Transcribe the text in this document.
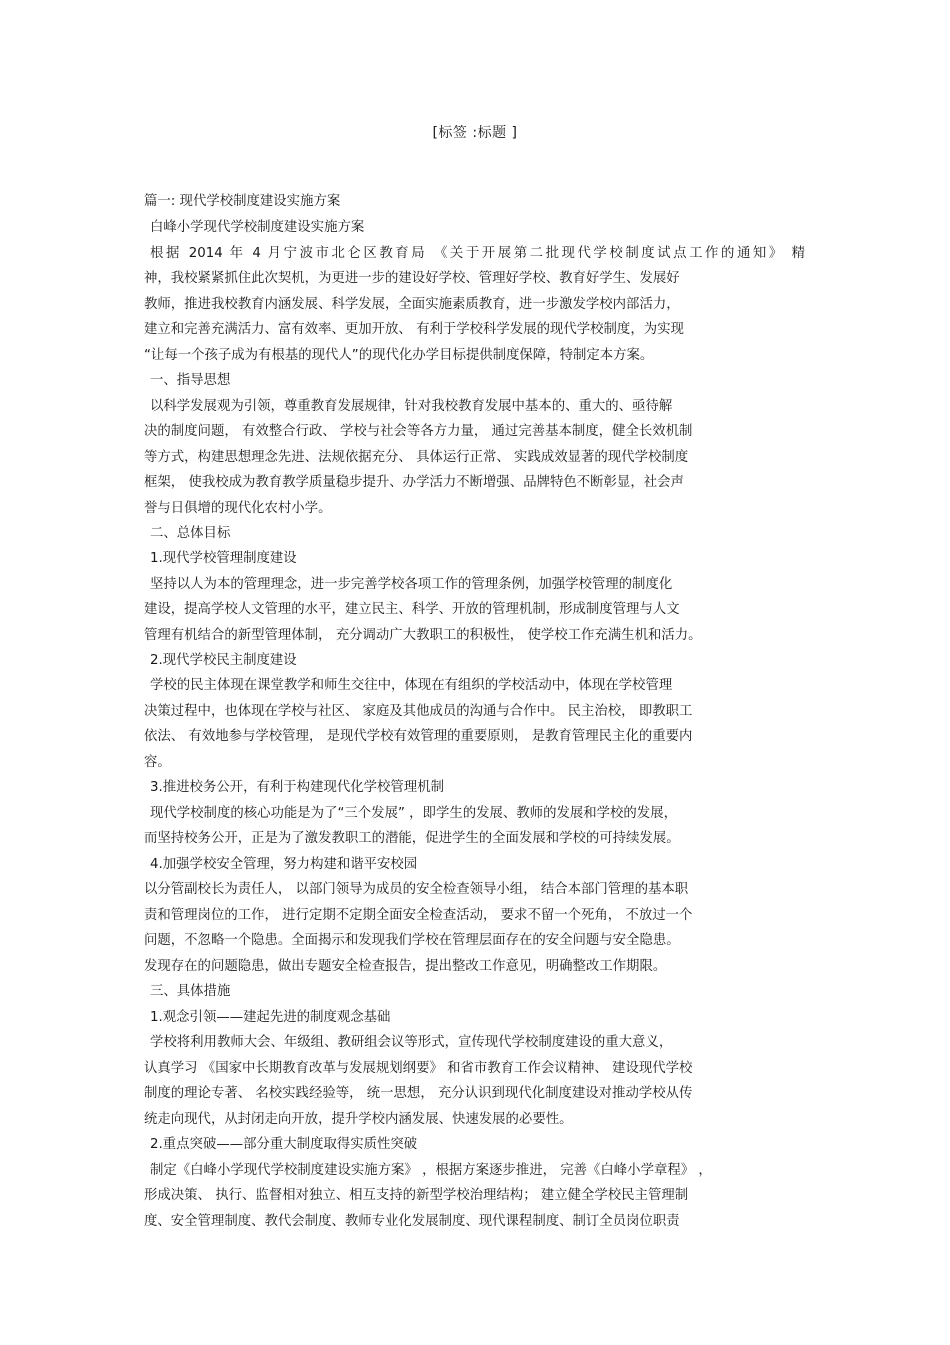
[标签 :标题 ]
篇一: 现代学校制度建设实施方案
白峰小学现代学校制度建设实施方案
根据 2014 年 4 月宁波市北仑区教育局 《关于开展第二批现代学校制度试点工作的通知》 精
神，我校紧紧抓住此次契机，为更进一步的建设好学校、管理好学校、教育好学生、发展好
教师，推进我校教育内涵发展、科学发展，全面实施素质教育，进一步激发学校内部活力，
建立和完善充满活力、富有效率、更加开放、 有利于学校科学发展的现代学校制度，为实现
“让每一个孩子成为有根基的现代人”的现代化办学目标提供制度保障，特制定本方案。
一、指导思想
以科学发展观为引领，尊重教育发展规律，针对我校教育发展中基本的、重大的、亟待解
决的制度问题， 有效整合行政、 学校与社会等各方力量， 通过完善基本制度，健全长效机制
等方式，构建思想理念先进、法规依据充分、 具体运行正常、 实践成效显著的现代学校制度
框架， 使我校成为教育教学质量稳步提升、办学活力不断增强、品牌特色不断彰显，社会声
誉与日俱增的现代化农村小学。
二、总体目标
1.现代学校管理制度建设
坚持以人为本的管理理念，进一步完善学校各项工作的管理条例，加强学校管理的制度化
建设，提高学校人文管理的水平，建立民主、科学、开放的管理机制，形成制度管理与人文
管理有机结合的新型管理体制， 充分调动广大教职工的积极性， 使学校工作充满生机和活力。
2.现代学校民主制度建设
学校的民主体现在课堂教学和师生交往中，体现在有组织的学校活动中，体现在学校管理
决策过程中，也体现在学校与社区、 家庭及其他成员的沟通与合作中。 民主治校， 即教职工
依法、 有效地参与学校管理， 是现代学校有效管理的重要原则， 是教育管理民主化的重要内
容。
3.推进校务公开，有利于构建现代化学校管理机制
现代学校制度的核心功能是为了“三个发展” ，即学生的发展、教师的发展和学校的发展，
而坚持校务公开，正是为了激发教职工的潜能，促进学生的全面发展和学校的可持续发展。
4.加强学校安全管理，努力构建和谐平安校园
以分管副校长为责任人， 以部门领导为成员的安全检查领导小组， 结合本部门管理的基本职
责和管理岗位的工作， 进行定期不定期全面安全检查活动， 要求不留一个死角， 不放过一个
问题，不忽略一个隐患。全面揭示和发现我们学校在管理层面存在的安全问题与安全隐患。
发现存在的问题隐患，做出专题安全检查报告，提出整改工作意见，明确整改工作期限。
三、具体措施
1.观念引领——建起先进的制度观念基础
学校将利用教师大会、年级组、教研组会议等形式，宣传现代学校制度建设的重大意义，
认真学习 《国家中长期教育改革与发展规划纲要》 和省市教育工作会议精神、 建设现代学校
制度的理论专著、 名校实践经验等， 统一思想， 充分认识到现代化制度建设对推动学校从传
统走向现代，从封闭走向开放，提升学校内涵发展、快速发展的必要性。
2.重点突破——部分重大制度取得实质性突破
制定《白峰小学现代学校制度建设实施方案》 ，根据方案逐步推进， 完善《白峰小学章程》 ，
形成决策、 执行、监督相对独立、相互支持的新型学校治理结构； 建立健全学校民主管理制
度、安全管理制度、教代会制度、教师专业化发展制度、现代课程制度、制订全员岗位职责
